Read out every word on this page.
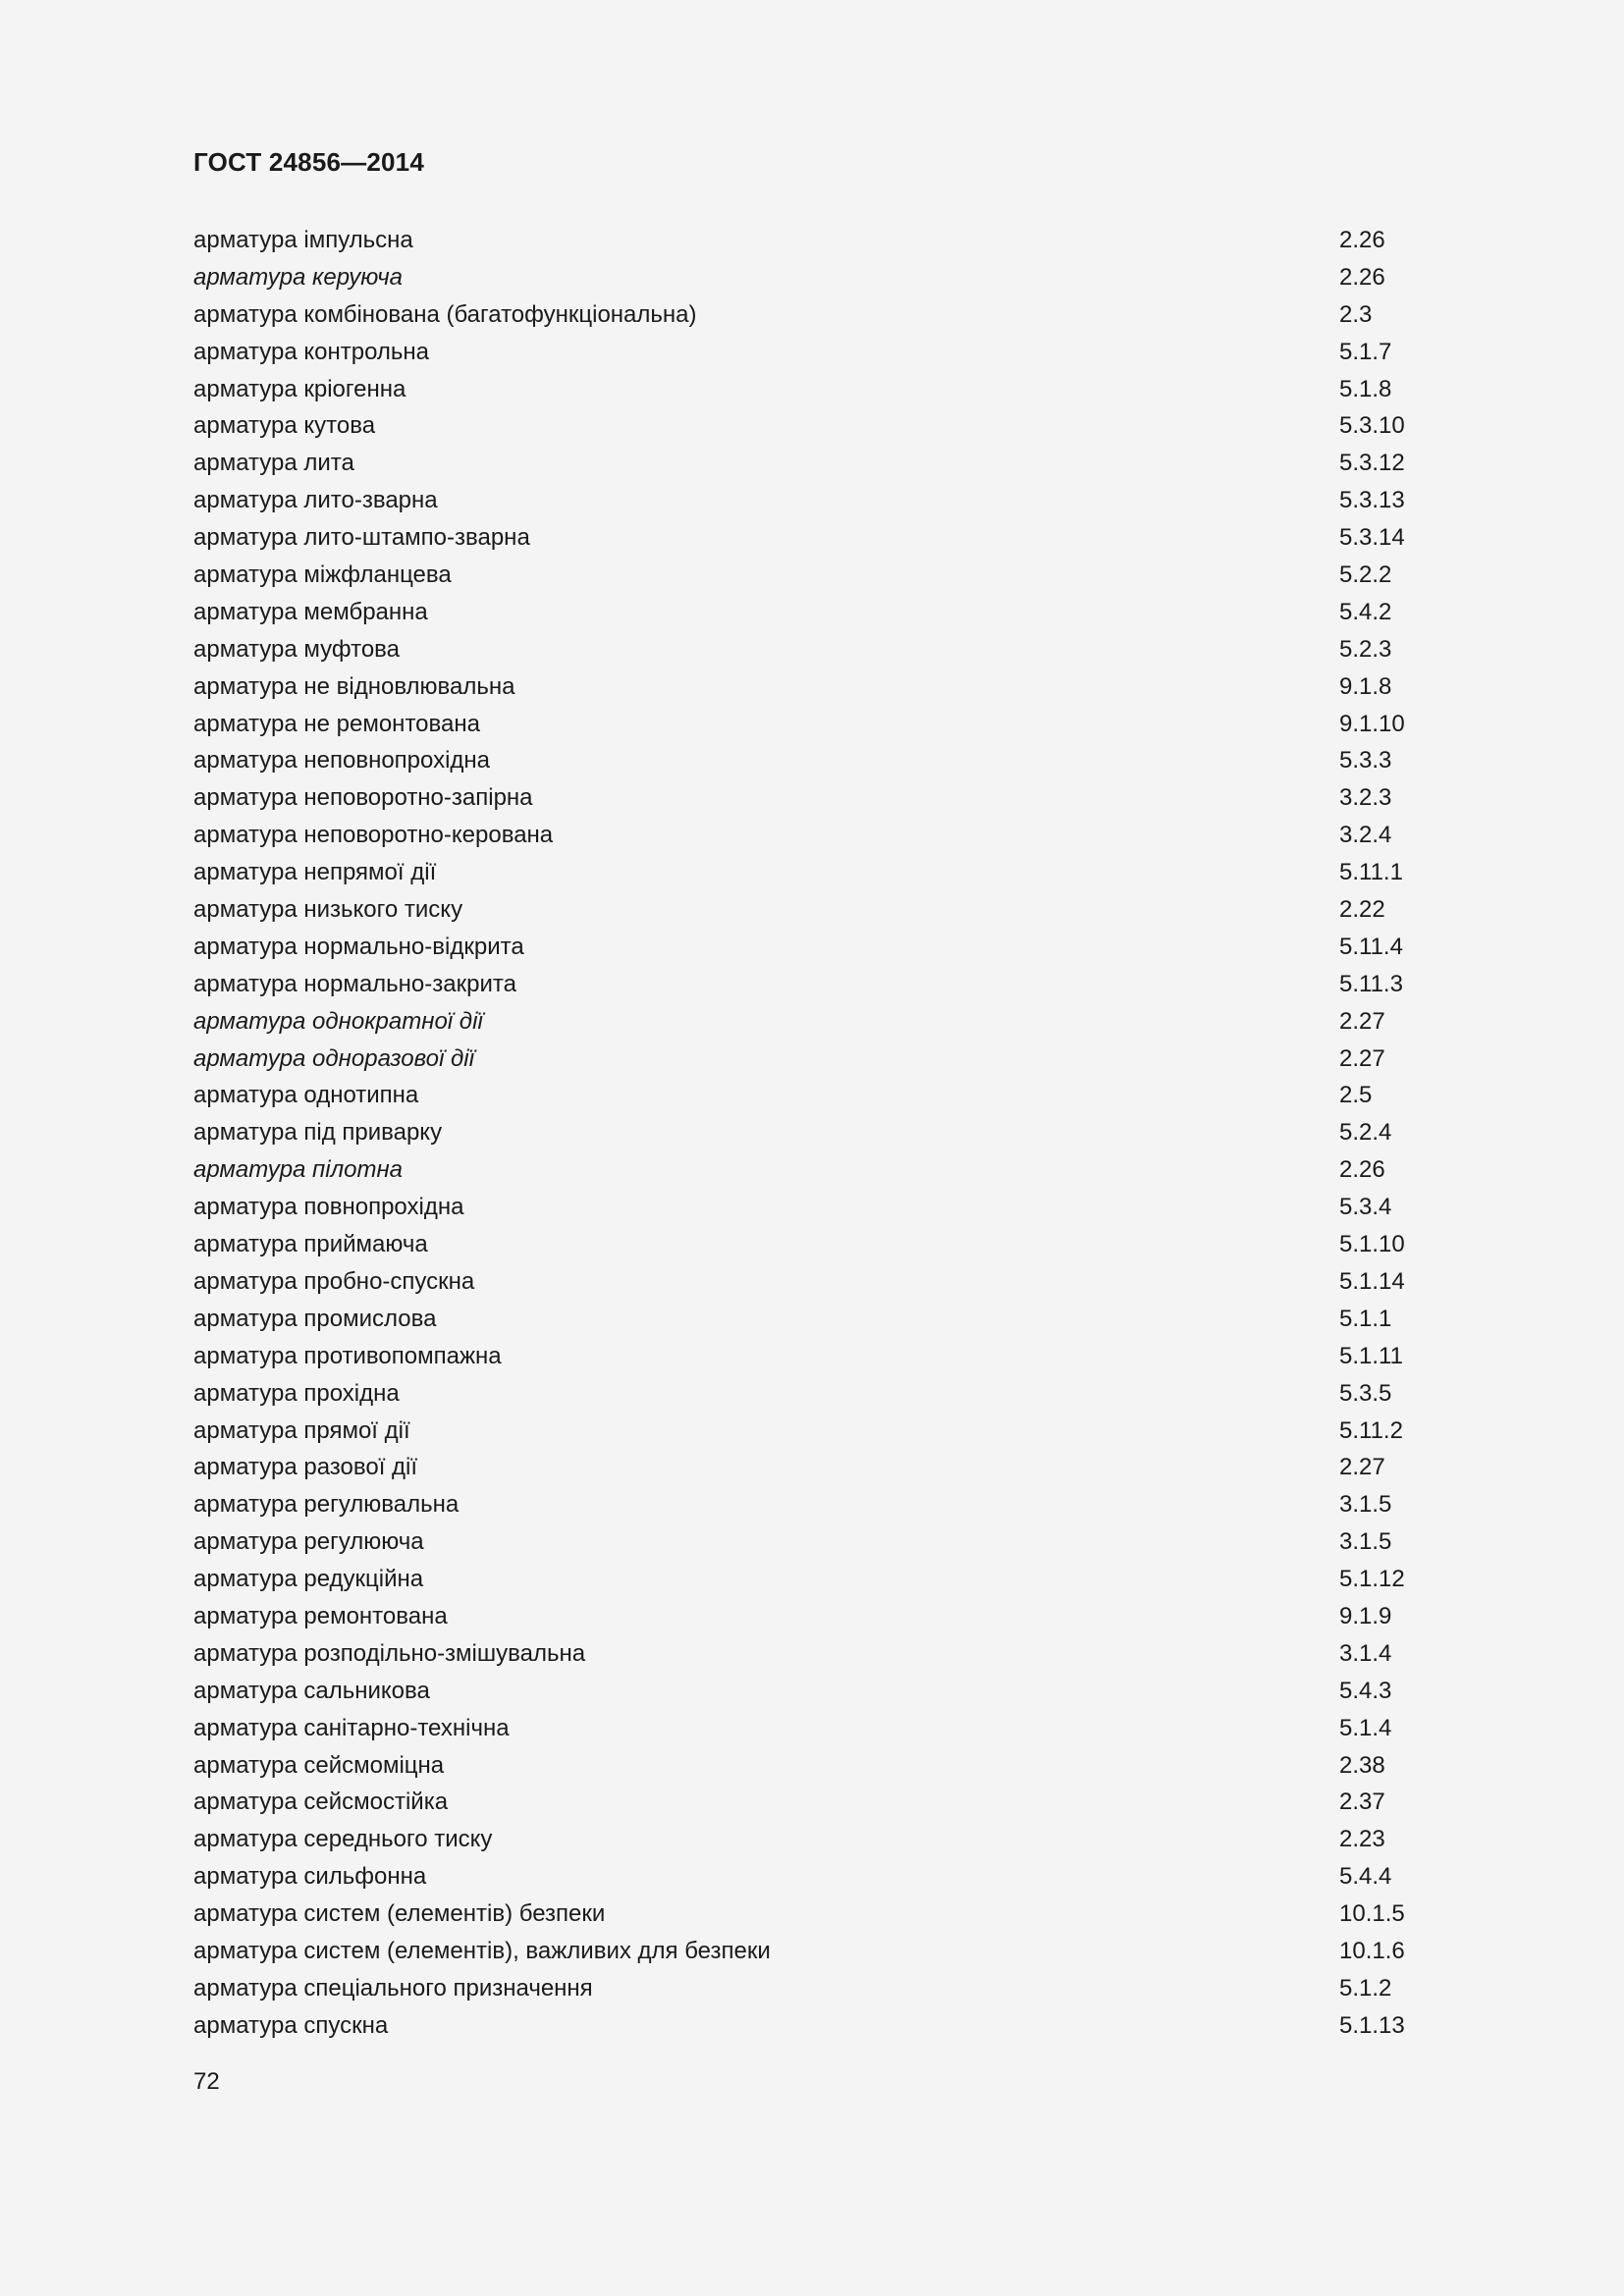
ГОСТ 24856—2014
арматура імпульсна	2.26
арматура керуюча	2.26
арматура комбінована (багатофункціональна)	2.3
арматура контрольна	5.1.7
арматура кріогенна	5.1.8
арматура кутова	5.3.10
арматура лита	5.3.12
арматура лито-зварна	5.3.13
арматура лито-штампо-зварна	5.3.14
арматура міжфланцева	5.2.2
арматура мембранна	5.4.2
арматура муфтова	5.2.3
арматура не відновлювальна	9.1.8
арматура не ремонтована	9.1.10
арматура неповнопрохідна	5.3.3
арматура неповоротно-запірна	3.2.3
арматура неповоротно-керована	3.2.4
арматура непрямої дії	5.11.1
арматура низького тиску	2.22
арматура нормально-відкрита	5.11.4
арматура нормально-закрита	5.11.3
арматура однократної дії	2.27
арматура одноразової дії	2.27
арматура однотипна	2.5
арматура під приварку	5.2.4
арматура пілотна	2.26
арматура повнопрохідна	5.3.4
арматура приймаюча	5.1.10
арматура пробно-спускна	5.1.14
арматура промислова	5.1.1
арматура противопомпажна	5.1.11
арматура прохідна	5.3.5
арматура прямої дії	5.11.2
арматура разової дії	2.27
арматура регулювальна	3.1.5
арматура регулююча	3.1.5
арматура редукційна	5.1.12
арматура ремонтована	9.1.9
арматура розподільно-змішувальна	3.1.4
арматура сальникова	5.4.3
арматура санітарно-технічна	5.1.4
арматура сейсмоміцна	2.38
арматура сейсмостійка	2.37
арматура середнього тиску	2.23
арматура сильфонна	5.4.4
арматура систем (елементів) безпеки	10.1.5
арматура систем (елементів), важливих для безпеки	10.1.6
арматура спеціального призначення	5.1.2
арматура спускна	5.1.13
72
